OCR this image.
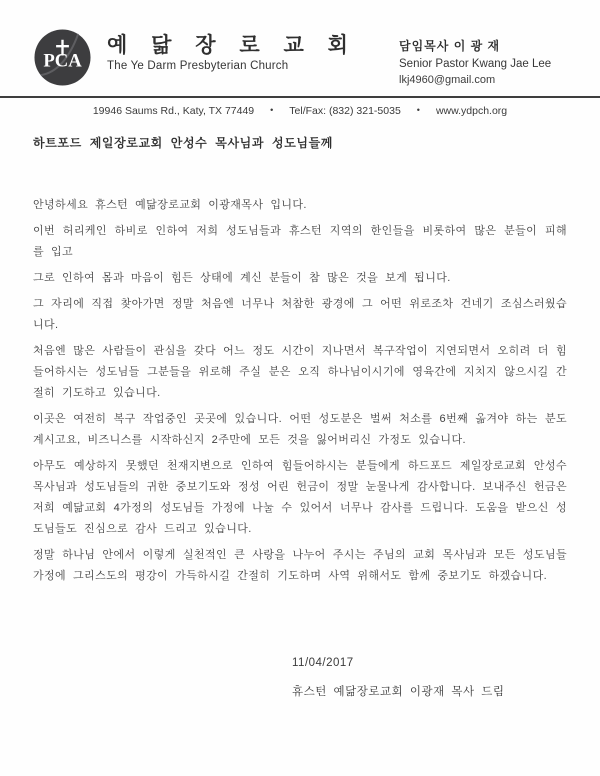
PCA
예 닮 장 로 교 회
The Ye Darm Presbyterian Church
담임목사 이 광 재
Senior Pastor Kwang Jae Lee
lkj4960@gmail.com
19946 Saums Rd., Katy, TX 77449 • Tel/Fax: (832) 321-5035 • www.ydpch.org
하트포드 제일장로교회 안성수 목사님과 성도님들께

안녕하세요 휴스턴 예닮장로교회 이광재목사 입니다.

이번 허리케인 하비로 인하여 저희 성도님들과 휴스턴 지역의 한인들을 비롯하여 많은 분들이 피해를 입고

그로 인하여 몸과 마음이 힘든 상태에 계신 분들이 참 많은 것을 보게 됩니다.

그 자리에 직접 찾아가면 정말 처음엔 너무나 처참한 광경에 그 어떤 위로조차 건네기 조심스러웠습니다.

처음엔 많은 사람들이 관심을 갖다 어느 정도 시간이 지나면서 복구작업이 지연되면서 오히려 더 힘들어하시는 성도님들 그분들을 위로해 주실 분은 오직 하나님이시기에 영육간에 지치지 않으시길 간절히 기도하고 있습니다.

이곳은 여전히 복구 작업중인 곳곳에 있습니다. 어떤 성도분은 벌써 처소를 6번째 옮겨야 하는 분도 계시고요, 비즈니스를 시작하신지 2주만에 모든 것을 잃어버리신 가정도 있습니다.

아무도 예상하지 못했던 천재지변으로 인하여 힘들어하시는 분들에게 하드포드 제일장로교회 안성수 목사님과 성도님들의 귀한 중보기도와 정성 어린 헌금이 정말 눈물나게 감사합니다. 보내주신 헌금은 저희 예닮교회 4가정의 성도님들 가정에 나눌 수 있어서 너무나 감사를 드립니다. 도움을 받으신 성도님들도 진심으로 감사 드리고 있습니다.

정말 하나님 안에서 이렇게 실천적인 큰 사랑을 나누어 주시는 주님의 교회 목사님과 모든 성도님들 가정에 그리스도의 평강이 가득하시길 간절히 기도하며 사역 위해서도 함께 중보기도 하겠습니다.

11/04/2017
휴스턴 예닮장로교회 이광재 목사 드림
